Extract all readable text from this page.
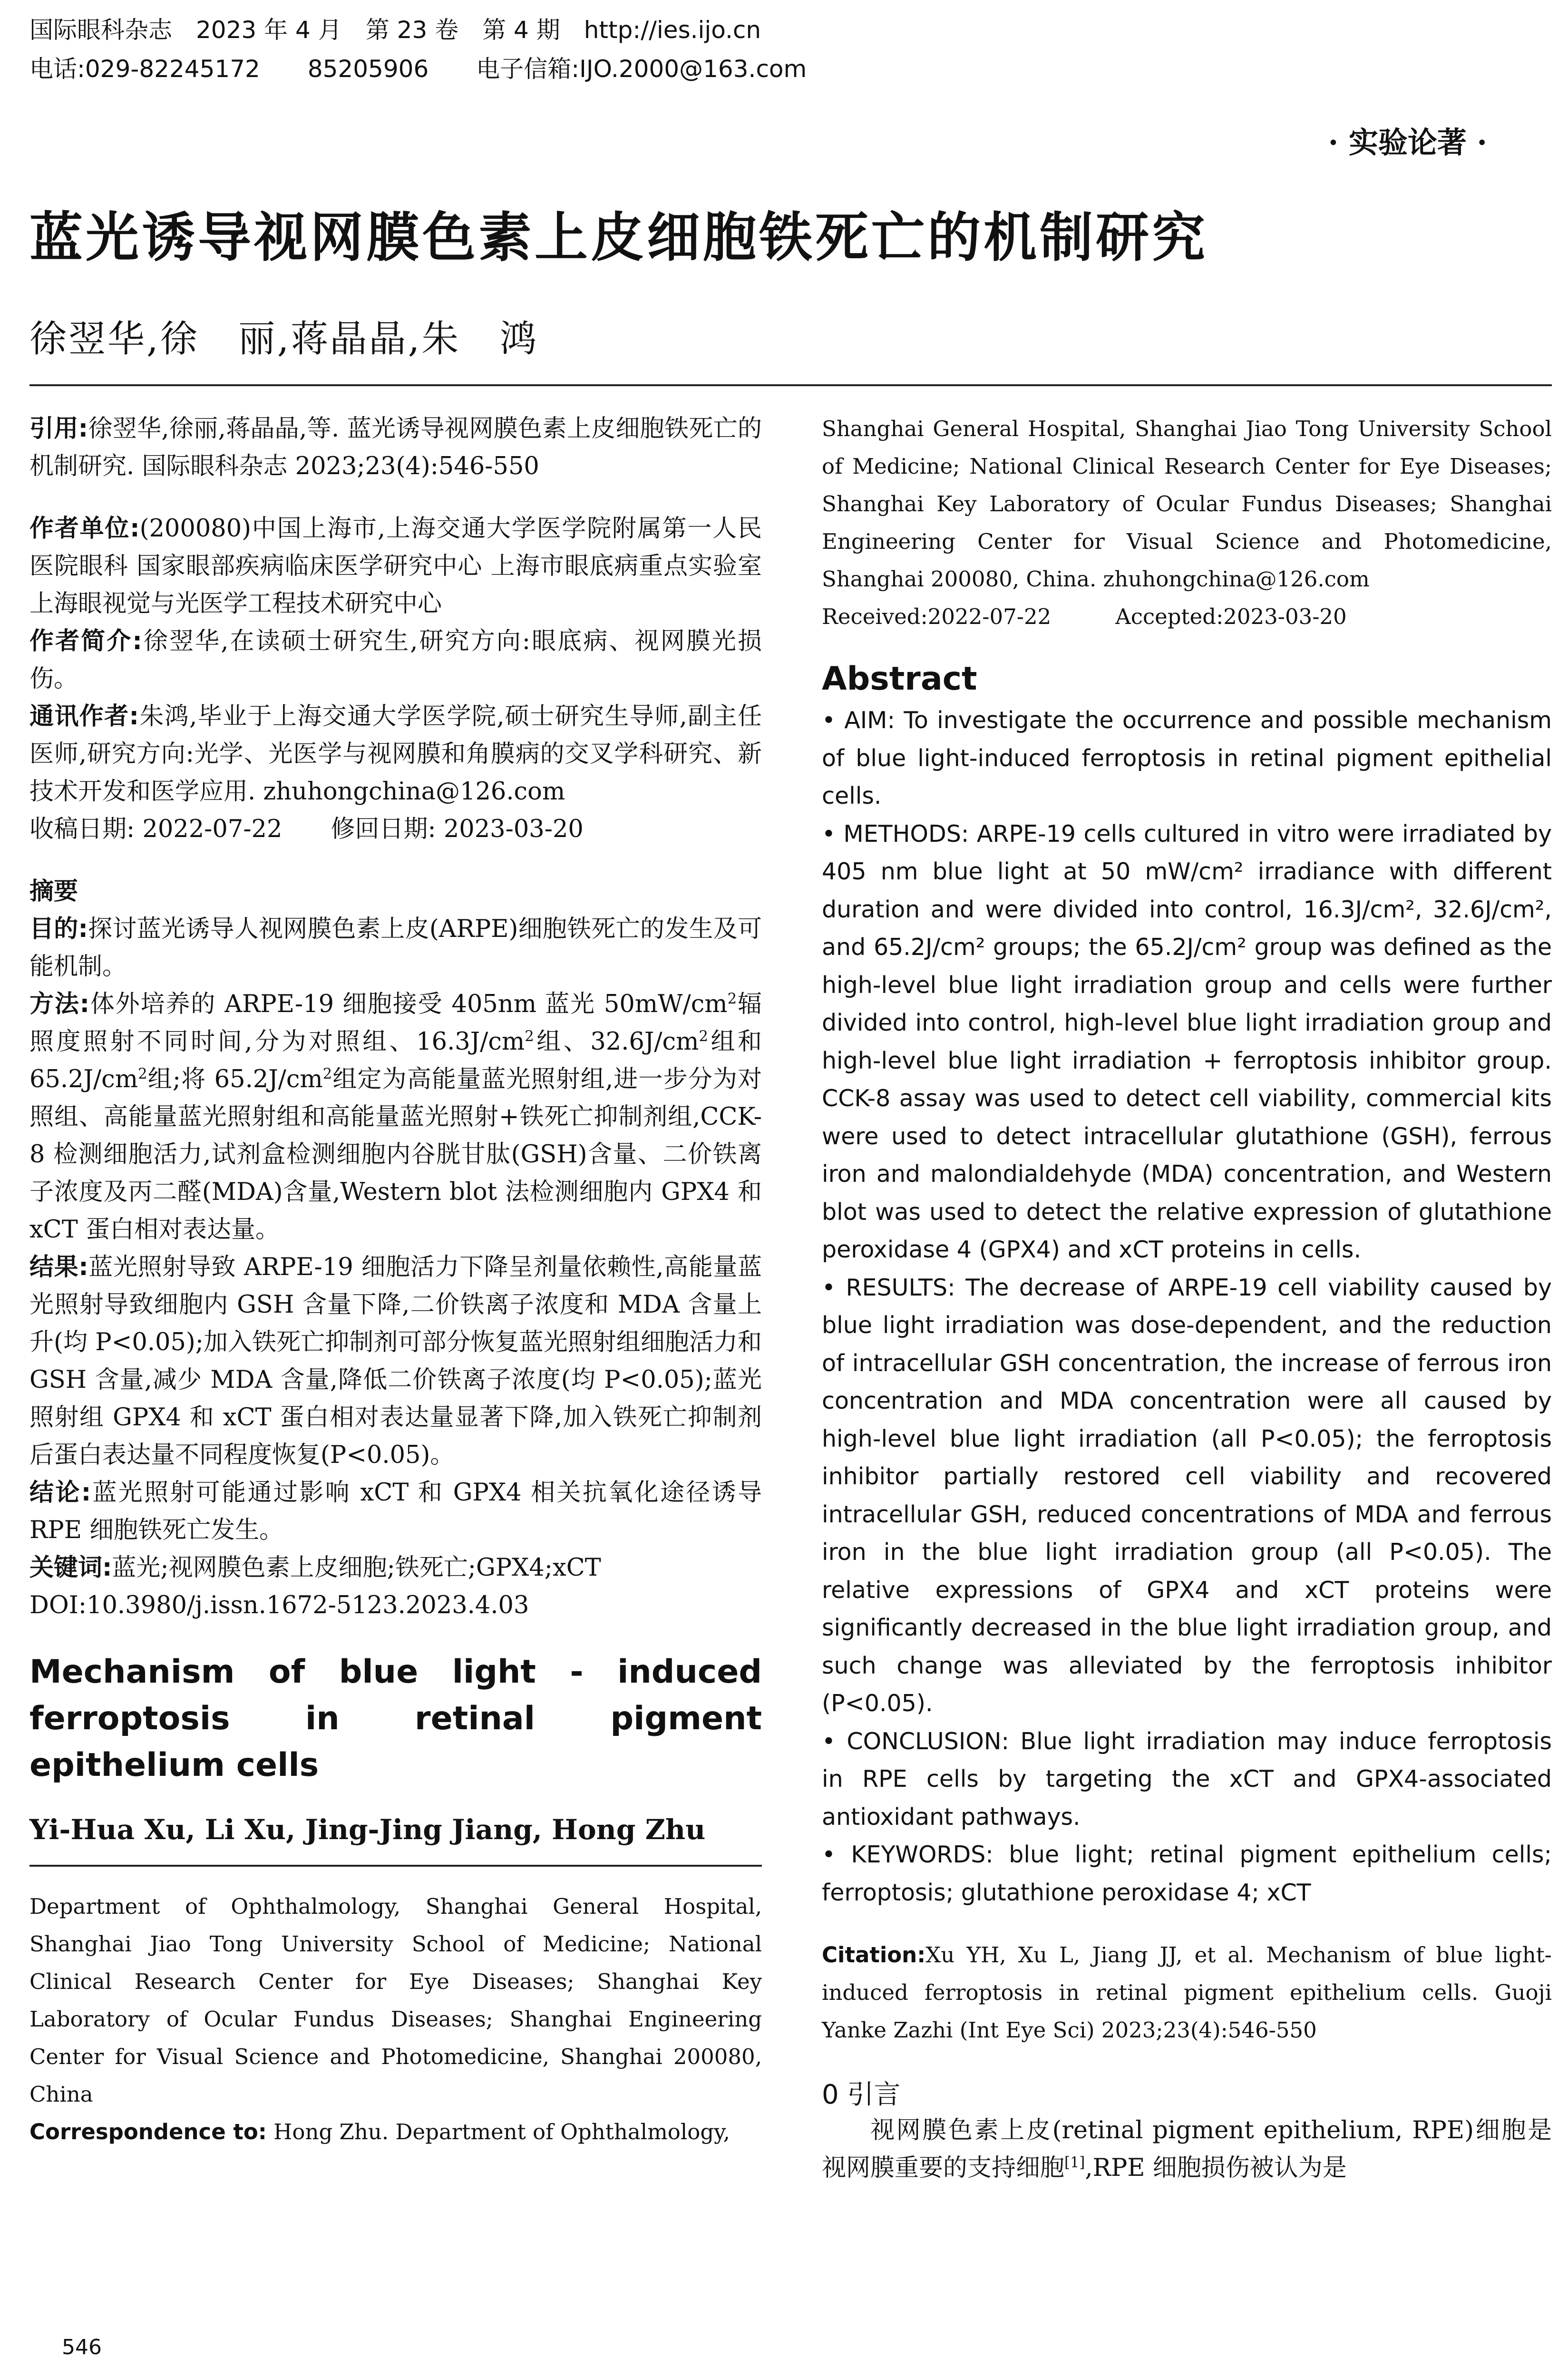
国际眼科杂志　2023 年 4 月　第 23 卷　第 4 期　http://ies.ijo.cn
电话:029-82245172　　85205906　　电子信箱:IJO.2000@163.com
· 实验论著 ·
蓝光诱导视网膜色素上皮细胞铁死亡的机制研究
徐翌华,徐　丽,蒋晶晶,朱　鸿

引用:徐翌华,徐丽,蒋晶晶,等. 蓝光诱导视网膜色素上皮细胞铁死亡的机制研究. 国际眼科杂志 2023;23(4):546-550

作者单位:(200080)中国上海市,上海交通大学医学院附属第一人民医院眼科 国家眼部疾病临床医学研究中心 上海市眼底病重点实验室 上海眼视觉与光医学工程技术研究中心

作者简介:徐翌华,在读硕士研究生,研究方向:眼底病、视网膜光损伤。

通讯作者:朱鸿,毕业于上海交通大学医学院,硕士研究生导师,副主任医师,研究方向:光学、光医学与视网膜和角膜病的交叉学科研究、新技术开发和医学应用. zhuhongchina@126.com

收稿日期: 2022-07-22　　修回日期: 2023-03-20

摘要

目的:探讨蓝光诱导人视网膜色素上皮(ARPE)细胞铁死亡的发生及可能机制。

方法:体外培养的 ARPE-19 细胞接受 405nm 蓝光 $50mW/cm^2$辐照度照射不同时间,分为对照组、$16.3J/cm^2$组、$32.6J/cm^2$组和 $65.2J/cm^2$组;将 $65.2J/cm^2$组定为高能量蓝光照射组,进一步分为对照组、高能量蓝光照射组和高能量蓝光照射+铁死亡抑制剂组,CCK-8 检测细胞活力,试剂盒检测细胞内谷胱甘肽(GSH)含量、二价铁离子浓度及丙二醛(MDA)含量,Western blot 法检测细胞内 GPX4 和 xCT 蛋白相对表达量。

结果:蓝光照射导致 ARPE-19 细胞活力下降呈剂量依赖性,高能量蓝光照射导致细胞内 GSH 含量下降,二价铁离子浓度和 MDA 含量上升(均 P<0.05);加入铁死亡抑制剂可部分恢复蓝光照射组细胞活力和 GSH 含量,减少 MDA 含量,降低二价铁离子浓度(均 P<0.05);蓝光照射组 GPX4 和 xCT 蛋白相对表达量显著下降,加入铁死亡抑制剂后蛋白表达量不同程度恢复(P<0.05)。

结论:蓝光照射可能通过影响 xCT 和 GPX4 相关抗氧化途径诱导 RPE 细胞铁死亡发生。

关键词:蓝光;视网膜色素上皮细胞;铁死亡;GPX4;xCT

DOI:10.3980/j.issn.1672-5123.2023.4.03

Mechanism of blue light - induced ferroptosis in retinal pigment epithelium cells

Yi-Hua Xu, Li Xu, Jing-Jing Jiang, Hong Zhu

Department of Ophthalmology, Shanghai General Hospital, Shanghai Jiao Tong University School of Medicine; National Clinical Research Center for Eye Diseases; Shanghai Key Laboratory of Ocular Fundus Diseases; Shanghai Engineering Center for Visual Science and Photomedicine, Shanghai 200080, China

Correspondence to: Hong Zhu. Department of Ophthalmology,

Shanghai General Hospital, Shanghai Jiao Tong University School of Medicine; National Clinical Research Center for Eye Diseases; Shanghai Key Laboratory of Ocular Fundus Diseases; Shanghai Engineering Center for Visual Science and Photomedicine, Shanghai 200080, China. zhuhongchina@126.com

Received:2022-07-22　　　Accepted:2023-03-20

Abstract

• AIM: To investigate the occurrence and possible mechanism of blue light-induced ferroptosis in retinal pigment epithelial cells.

• METHODS: ARPE-19 cells cultured in vitro were irradiated by 405 nm blue light at 50 mW/cm² irradiance with different duration and were divided into control, 16.3J/cm², 32.6J/cm², and 65.2J/cm² groups; the 65.2J/cm² group was defined as the high-level blue light irradiation group and cells were further divided into control, high-level blue light irradiation group and high-level blue light irradiation + ferroptosis inhibitor group. CCK-8 assay was used to detect cell viability, commercial kits were used to detect intracellular glutathione (GSH), ferrous iron and malondialdehyde (MDA) concentration, and Western blot was used to detect the relative expression of glutathione peroxidase 4 (GPX4) and xCT proteins in cells.

• RESULTS: The decrease of ARPE-19 cell viability caused by blue light irradiation was dose-dependent, and the reduction of intracellular GSH concentration, the increase of ferrous iron concentration and MDA concentration were all caused by high-level blue light irradiation (all P<0.05); the ferroptosis inhibitor partially restored cell viability and recovered intracellular GSH, reduced concentrations of MDA and ferrous iron in the blue light irradiation group (all P<0.05). The relative expressions of GPX4 and xCT proteins were significantly decreased in the blue light irradiation group, and such change was alleviated by the ferroptosis inhibitor (P<0.05).

• CONCLUSION: Blue light irradiation may induce ferroptosis in RPE cells by targeting the xCT and GPX4-associated antioxidant pathways.

• KEYWORDS: blue light; retinal pigment epithelium cells; ferroptosis; glutathione peroxidase 4; xCT

Citation:Xu YH, Xu L, Jiang JJ, et al. Mechanism of blue light-induced ferroptosis in retinal pigment epithelium cells. Guoji Yanke Zazhi (Int Eye Sci) 2023;23(4):546-550

0 引言

视网膜色素上皮(retinal pigment epithelium, RPE)细胞是视网膜重要的支持细胞[1],RPE 细胞损伤被认为是

546
